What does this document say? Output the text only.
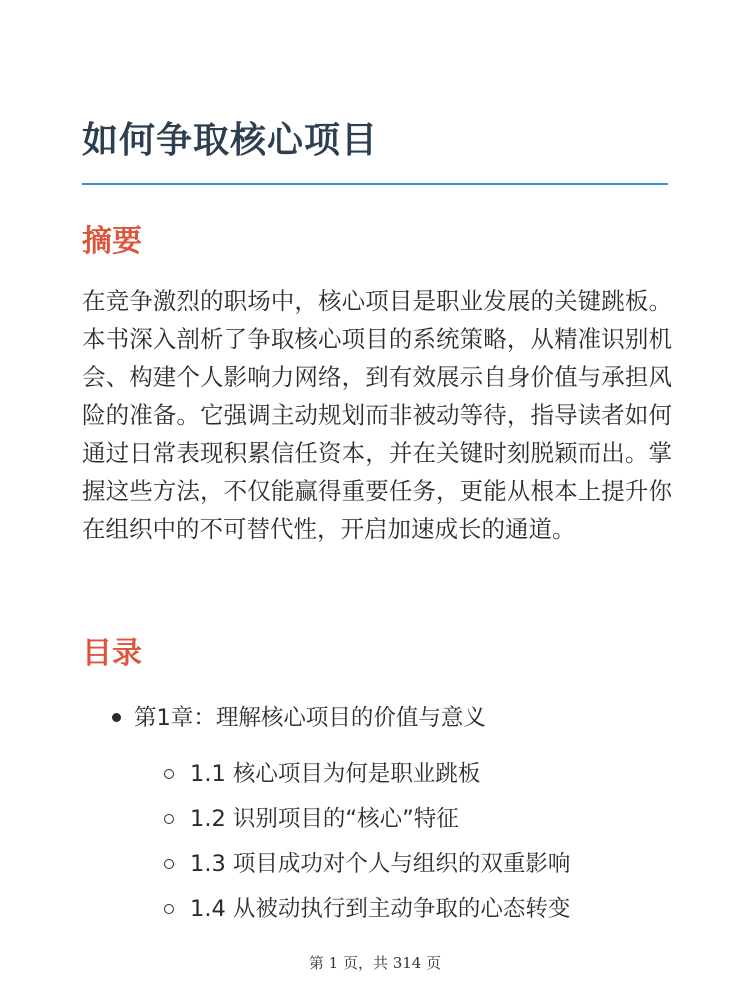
如何争取核心项目
摘要

在竞争激烈的职场中，核心项目是职业发展的关键跳板。本书深入剖析了争取核心项目的系统策略，从精准识别机会、构建个人影响力网络，到有效展示自身价值与承担风险的准备。它强调主动规划而非被动等待，指导读者如何通过日常表现积累信任资本，并在关键时刻脱颖而出。掌握这些方法，不仅能赢得重要任务，更能从根本上提升你在组织中的不可替代性，开启加速成长的通道。

目录
第1章：理解核心项目的价值与意义
1.1 核心项目为何是职业跳板
1.2 识别项目的“核心”特征
1.3 项目成功对个人与组织的双重影响
1.4 从被动执行到主动争取的心态转变
第 1 页，共 314 页
